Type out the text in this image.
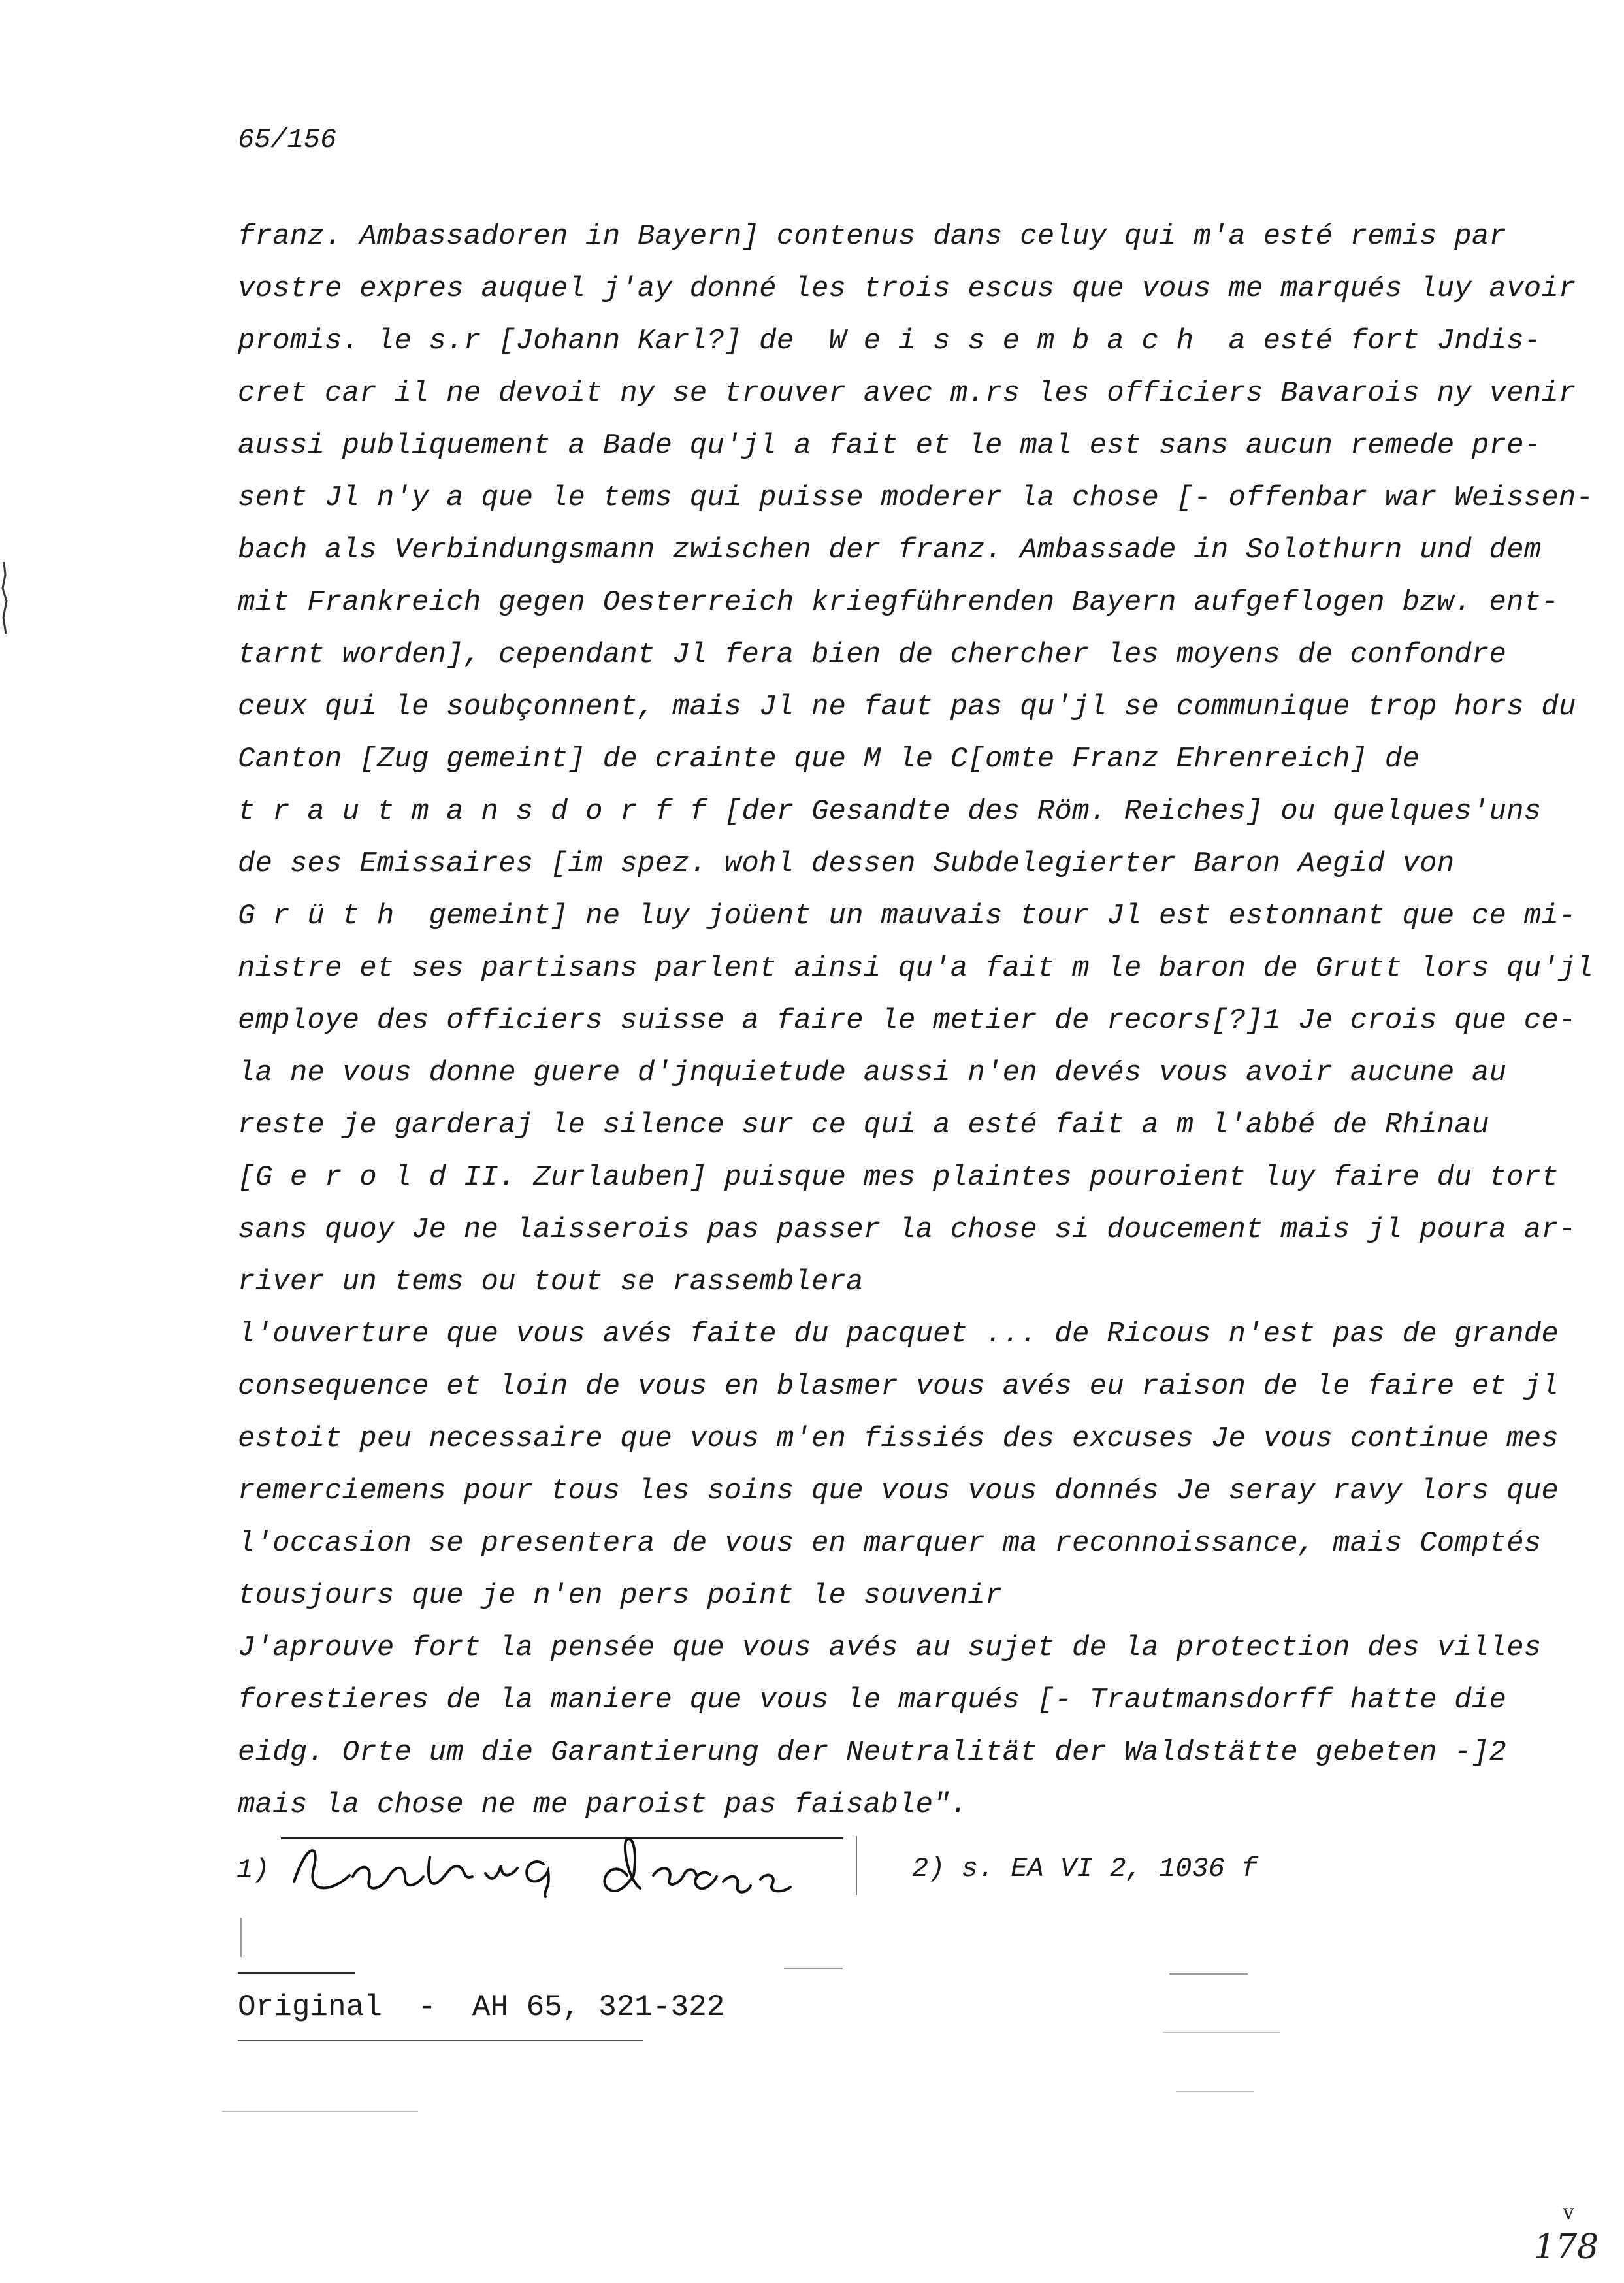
65/156
franz. Ambassadoren in Bayern] contenus dans celuy qui m'a esté remis par
vostre expres auquel j'ay donné les trois escus que vous me marqués luy avoir
promis. le s.r [Johann Karl?] de  W e i s s e m b a c h  a esté fort Jndis-
cret car il ne devoit ny se trouver avec m.rs les officiers Bavarois ny venir
aussi publiquement a Bade qu'jl a fait et le mal est sans aucun remede pre-
sent Jl n'y a que le tems qui puisse moderer la chose [- offenbar war Weissen-
bach als Verbindungsmann zwischen der franz. Ambassade in Solothurn und dem
mit Frankreich gegen Oesterreich kriegführenden Bayern aufgeflogen bzw. ent-
tarnt worden], cependant Jl fera bien de chercher les moyens de confondre
ceux qui le soubçonnent, mais Jl ne faut pas qu'jl se communique trop hors du
Canton [Zug gemeint] de crainte que M le C[omte Franz Ehrenreich] de
t r a u t m a n s d o r f f [der Gesandte des Röm. Reiches] ou quelques'uns
de ses Emissaires [im spez. wohl dessen Subdelegierter Baron Aegid von
G r ü t h  gemeint] ne luy joüent un mauvais tour Jl est estonnant que ce mi-
nistre et ses partisans parlent ainsi qu'a fait m le baron de Grutt lors qu'jl
employe des officiers suisse a faire le metier de recors[?]1 Je crois que ce-
la ne vous donne guere d'jnquietude aussi n'en devés vous avoir aucune au
reste je garderaj le silence sur ce qui a esté fait a m l'abbé de Rhinau
[G e r o l d II. Zurlauben] puisque mes plaintes pouroient luy faire du tort
sans quoy Je ne laisserois pas passer la chose si doucement mais jl poura ar-
river un tems ou tout se rassemblera
l'ouverture que vous avés faite du pacquet ... de Ricous n'est pas de grande
consequence et loin de vous en blasmer vous avés eu raison de le faire et jl
estoit peu necessaire que vous m'en fissiés des excuses Je vous continue mes
remerciemens pour tous les soins que vous vous donnés Je seray ravy lors que
l'occasion se presentera de vous en marquer ma reconnoissance, mais Comptés
tousjours que je n'en pers point le souvenir
J'aprouve fort la pensée que vous avés au sujet de la protection des villes
forestieres de la maniere que vous le marqués [- Trautmansdorff hatte die
eidg. Orte um die Garantierung der Neutralität der Waldstätte gebeten -]2
mais la chose ne me paroist pas faisable".
1)	2) s. EA VI 2, 1036 f
Original  -  AH 65, 321-322
v
178
